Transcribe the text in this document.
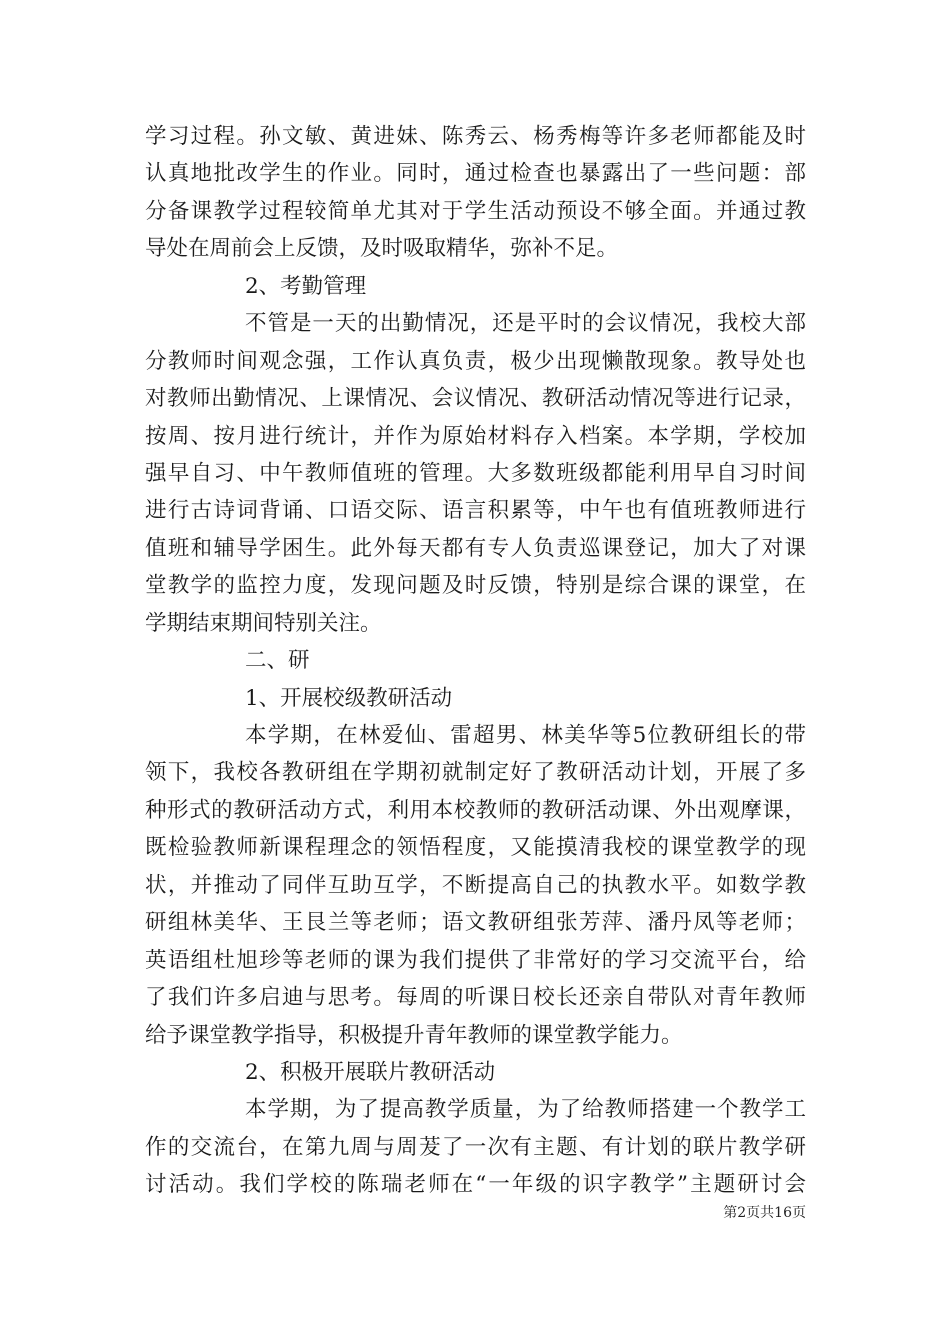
学习过程。孙文敏、黄进妹、陈秀云、杨秀梅等许多老师都能及时
认真地批改学生的作业。同时，通过检查也暴露出了一些问题：部
分备课教学过程较简单尤其对于学生活动预设不够全面。并通过教
导处在周前会上反馈，及时吸取精华，弥补不足。
2、考勤管理
不管是一天的出勤情况，还是平时的会议情况，我校大部
分教师时间观念强，工作认真负责，极少出现懒散现象。教导处也
对教师出勤情况、上课情况、会议情况、教研活动情况等进行记录，
按周、按月进行统计，并作为原始材料存入档案。本学期，学校加
强早自习、中午教师值班的管理。大多数班级都能利用早自习时间
进行古诗词背诵、口语交际、语言积累等，中午也有值班教师进行
值班和辅导学困生。此外每天都有专人负责巡课登记，加大了对课
堂教学的监控力度，发现问题及时反馈，特别是综合课的课堂，在
学期结束期间特别关注。
二、研
1、开展校级教研活动
本学期，在林爱仙、雷超男、林美华等5位教研组长的带
领下，我校各教研组在学期初就制定好了教研活动计划，开展了多
种形式的教研活动方式，利用本校教师的教研活动课、外出观摩课，
既检验教师新课程理念的领悟程度，又能摸清我校的课堂教学的现
状，并推动了同伴互助互学，不断提高自己的执教水平。如数学教
研组林美华、王艮兰等老师；语文教研组张芳萍、潘丹凤等老师；
英语组杜旭珍等老师的课为我们提供了非常好的学习交流平台，给
了我们许多启迪与思考。每周的听课日校长还亲自带队对青年教师
给予课堂教学指导，积极提升青年教师的课堂教学能力。
2、积极开展联片教研活动
本学期，为了提高教学质量，为了给教师搭建一个教学工
作的交流台，在第九周与周茇了一次有主题、有计划的联片教学研
讨活动。我们学校的陈瑞老师在“一年级的识字教学”主题研讨会
第2页共16页
